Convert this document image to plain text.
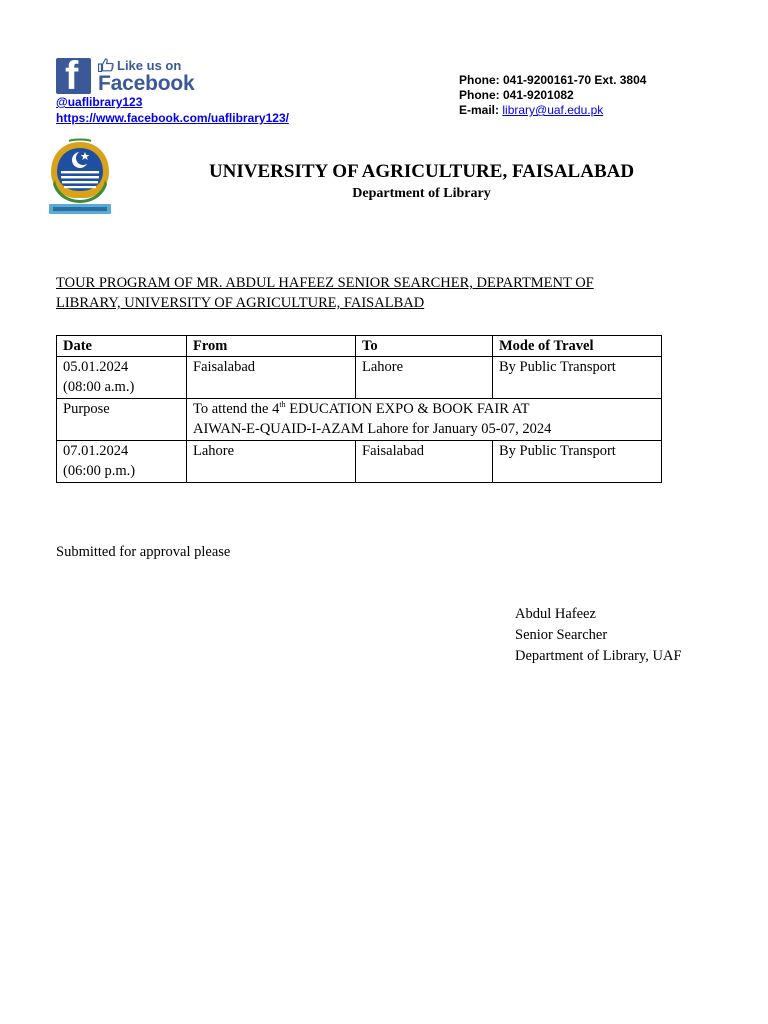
f	Like us on
Facebook
@uaflibrary123
https://www.facebook.com/uaflibrary123/
Phone: 041-9200161-70 Ext. 3804
Phone: 041-9201082
E-mail: library@uaf.edu.pk
UNIVERSITY OF AGRICULTURE, FAISALABAD
Department of Library
TOUR PROGRAM OF MR. ABDUL HAFEEZ SENIOR SEARCHER, DEPARTMENT OF LIBRARY, UNIVERSITY OF AGRICULTURE, FAISALBAD
Date	From	To	Mode of Travel

05.01.2024
(08:00 a.m.)	Faisalabad	Lahore	By Public Transport
Purpose	To attend the 4th EDUCATION EXPO & BOOK FAIR AT
AIWAN-E-QUAID-I-AZAM Lahore for January 05-07, 2024		

07.01.2024
(06:00 p.m.)	Lahore	Faisalabad	By Public Transport
Submitted for approval please
Abdul Hafeez
Senior Searcher
Department of Library, UAF
